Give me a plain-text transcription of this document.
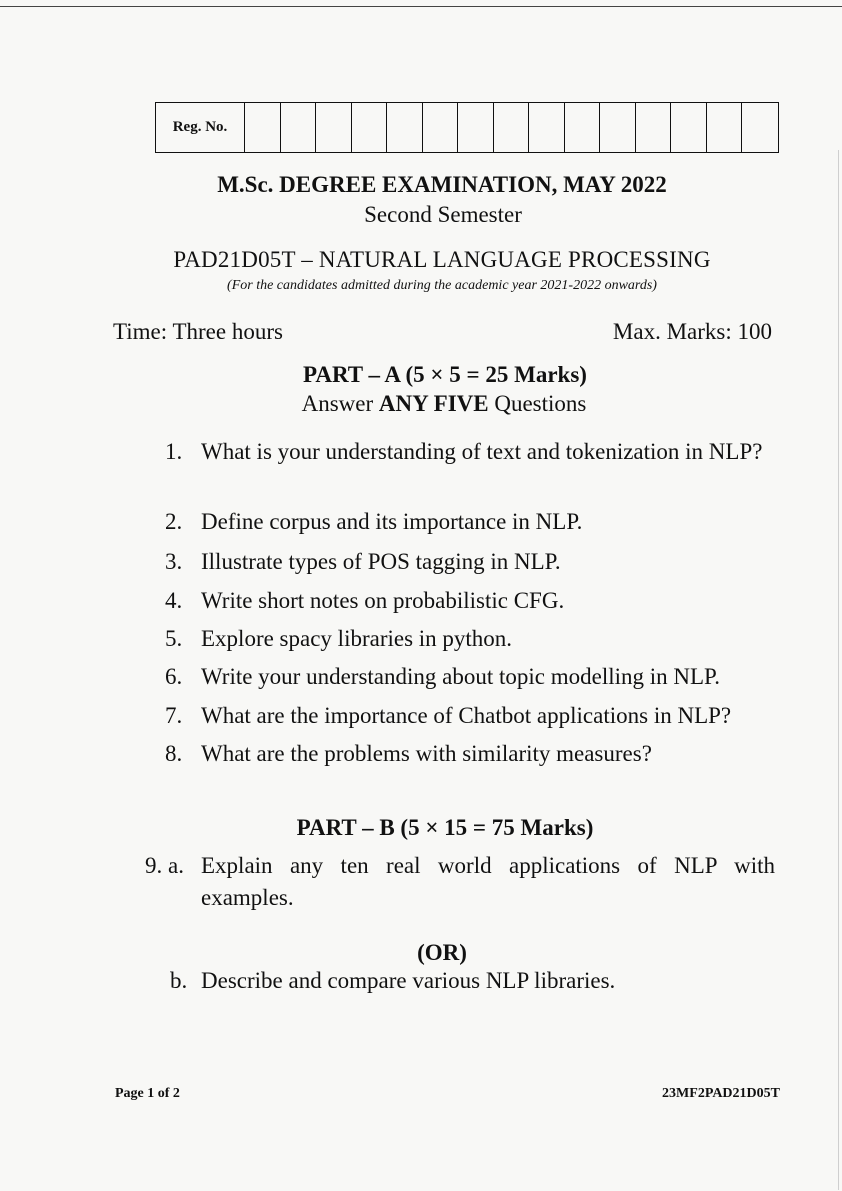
Reg. No.
M.Sc. DEGREE EXAMINATION, MAY 2022
Second Semester
PAD21D05T – NATURAL LANGUAGE PROCESSING
(For the candidates admitted during the academic year 2021-2022 onwards)
Time: Three hours	Max. Marks: 100
PART – A (5 × 5 = 25 Marks)
Answer ANY FIVE Questions
1. What is your understanding of text and tokenization in NLP?
2. Define corpus and its importance in NLP.
3. Illustrate types of POS tagging in NLP.
4. Write short notes on probabilistic CFG.
5. Explore spacy libraries in python.
6. Write your understanding about topic modelling in NLP.
7. What are the importance of Chatbot applications in NLP?
8. What are the problems with similarity measures?
PART – B (5 × 15 = 75 Marks)
9. a. Explain any ten real world applications of NLP with examples.
(OR)
b. Describe and compare various NLP libraries.
Page 1 of 2	23MF2PAD21D05T
